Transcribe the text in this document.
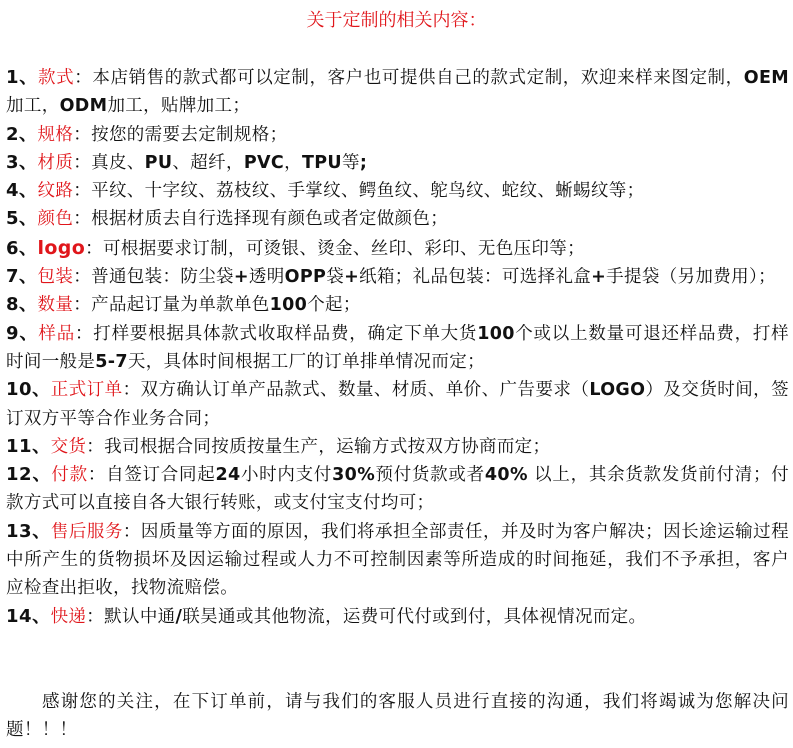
关于定制的相关内容：
1、款式：本店销售的款式都可以定制，客户也可提供自己的款式定制，欢迎来样来图定制，OEM加工，ODM加工，贴牌加工；
2、规格：按您的需要去定制规格；
3、材质：真皮、PU、超纤，PVC，TPU等;
4、纹路：平纹、十字纹、荔枝纹、手掌纹、鳄鱼纹、鸵鸟纹、蛇纹、蜥蜴纹等；
5、颜色：根据材质去自行选择现有颜色或者定做颜色；
6、logo：可根据要求订制，可烫银、烫金、丝印、彩印、无色压印等；
7、包装：普通包装：防尘袋+透明OPP袋+纸箱；礼品包装：可选择礼盒+手提袋（另加费用）；
8、数量：产品起订量为单款单色100个起；
9、样品：打样要根据具体款式收取样品费，确定下单大货100个或以上数量可退还样品费，打样时间一般是5-7天，具体时间根据工厂的订单排单情况而定；
10、正式订单：双方确认订单产品款式、数量、材质、单价、广告要求（LOGO）及交货时间，签订双方平等合作业务合同；
11、交货：我司根据合同按质按量生产，运输方式按双方协商而定；
12、付款：自签订合同起24小时内支付30%预付货款或者40% 以上，其余货款发货前付清；付款方式可以直接自各大银行转账，或支付宝支付均可；
13、售后服务：因质量等方面的原因，我们将承担全部责任，并及时为客户解决；因长途运输过程中所产生的货物损坏及因运输过程或人力不可控制因素等所造成的时间拖延，我们不予承担，客户应检查出拒收，找物流赔偿。
14、快递：默认中通/联昊通或其他物流，运费可代付或到付，具体视情况而定。
感谢您的关注，在下订单前，请与我们的客服人员进行直接的沟通，我们将竭诚为您解决问题！！！
